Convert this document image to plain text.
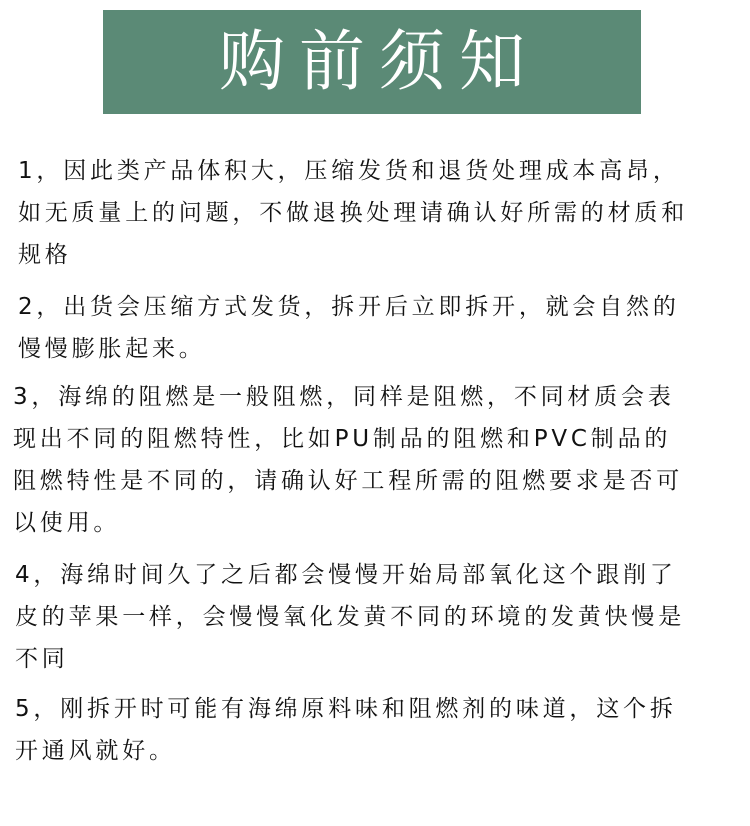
购前须知
1，因此类产品体积大，压缩发货和退货处理成本高昂，
如无质量上的问题，不做退换处理请确认好所需的材质和
规格
2，出货会压缩方式发货，拆开后立即拆开，就会自然的
慢慢膨胀起来。
3，海绵的阻燃是一般阻燃，同样是阻燃，不同材质会表
现出不同的阻燃特性，比如PU制品的阻燃和PVC制品的
阻燃特性是不同的，请确认好工程所需的阻燃要求是否可
以使用。
4，海绵时间久了之后都会慢慢开始局部氧化这个跟削了
皮的苹果一样，会慢慢氧化发黄不同的环境的发黄快慢是
不同
5，刚拆开时可能有海绵原料味和阻燃剂的味道，这个拆
开通风就好。
